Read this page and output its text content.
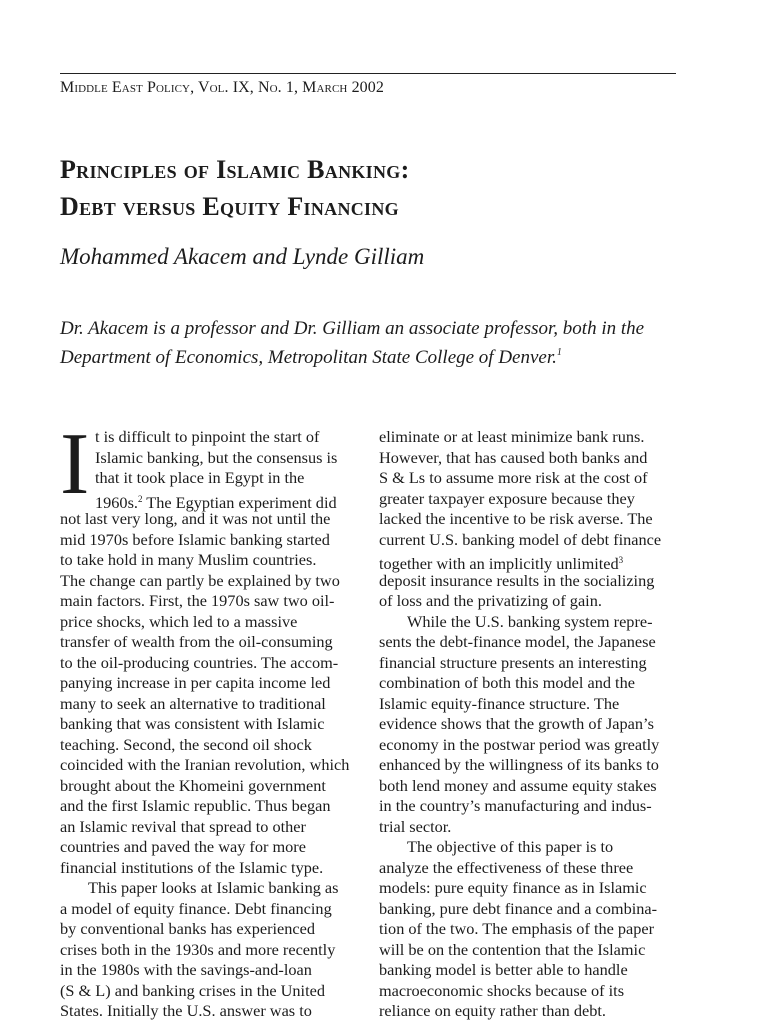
Middle East Policy, Vol. IX, No. 1, March 2002
Principles of Islamic Banking:
Debt versus Equity Financing
Mohammed Akacem and Lynde Gilliam
Dr. Akacem is a professor and Dr. Gilliam an associate professor, both in the Department of Economics, Metropolitan State College of Denver.$^1$
I t is difficult to pinpoint the start of
Islamic banking, but the consensus is
that it took place in Egypt in the
1960s.$^2$ The Egyptian experiment did
not last very long, and it was not until the
mid 1970s before Islamic banking started
to take hold in many Muslim countries.
The change can partly be explained by two
main factors. First, the 1970s saw two oil-
price shocks, which led to a massive
transfer of wealth from the oil-consuming
to the oil-producing countries. The accom-
panying increase in per capita income led
many to seek an alternative to traditional
banking that was consistent with Islamic
teaching. Second, the second oil shock
coincided with the Iranian revolution, which
brought about the Khomeini government
and the first Islamic republic. Thus began
an Islamic revival that spread to other
countries and paved the way for more
financial institutions of the Islamic type.
This paper looks at Islamic banking as
a model of equity finance. Debt financing
by conventional banks has experienced
crises both in the 1930s and more recently
in the 1980s with the savings-and-loan
(S & L) and banking crises in the United
States. Initially the U.S. answer was to
eliminate or at least minimize bank runs.
However, that has caused both banks and
S & Ls to assume more risk at the cost of
greater taxpayer exposure because they
lacked the incentive to be risk averse. The
current U.S. banking model of debt finance
together with an implicitly unlimited$^3$
deposit insurance results in the socializing
of loss and the privatizing of gain.
While the U.S. banking system repre-
sents the debt-finance model, the Japanese
financial structure presents an interesting
combination of both this model and the
Islamic equity-finance structure. The
evidence shows that the growth of Japan’s
economy in the postwar period was greatly
enhanced by the willingness of its banks to
both lend money and assume equity stakes
in the country’s manufacturing and indus-
trial sector.
The objective of this paper is to
analyze the effectiveness of these three
models: pure equity finance as in Islamic
banking, pure debt finance and a combina-
tion of the two. The emphasis of the paper
will be on the contention that the Islamic
banking model is better able to handle
macroeconomic shocks because of its
reliance on equity rather than debt.
